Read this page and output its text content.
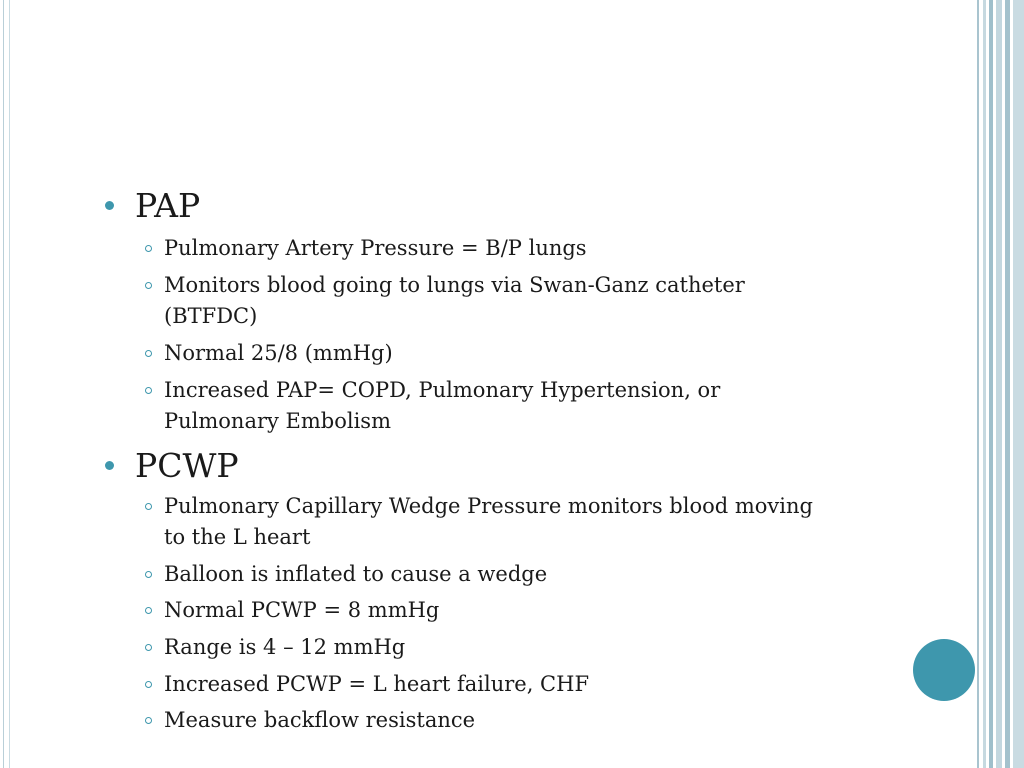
PAP
Pulmonary Artery Pressure = B/P lungs
Monitors blood going to lungs via Swan-Ganz catheter (BTFDC)
Normal 25/8 (mmHg)
Increased PAP= COPD, Pulmonary Hypertension, or Pulmonary Embolism
PCWP
Pulmonary Capillary Wedge Pressure monitors blood moving to the L heart
Balloon is inflated to cause a wedge
Normal PCWP = 8 mmHg
Range is 4 – 12 mmHg
Increased PCWP = L heart failure, CHF
Measure backflow resistance
